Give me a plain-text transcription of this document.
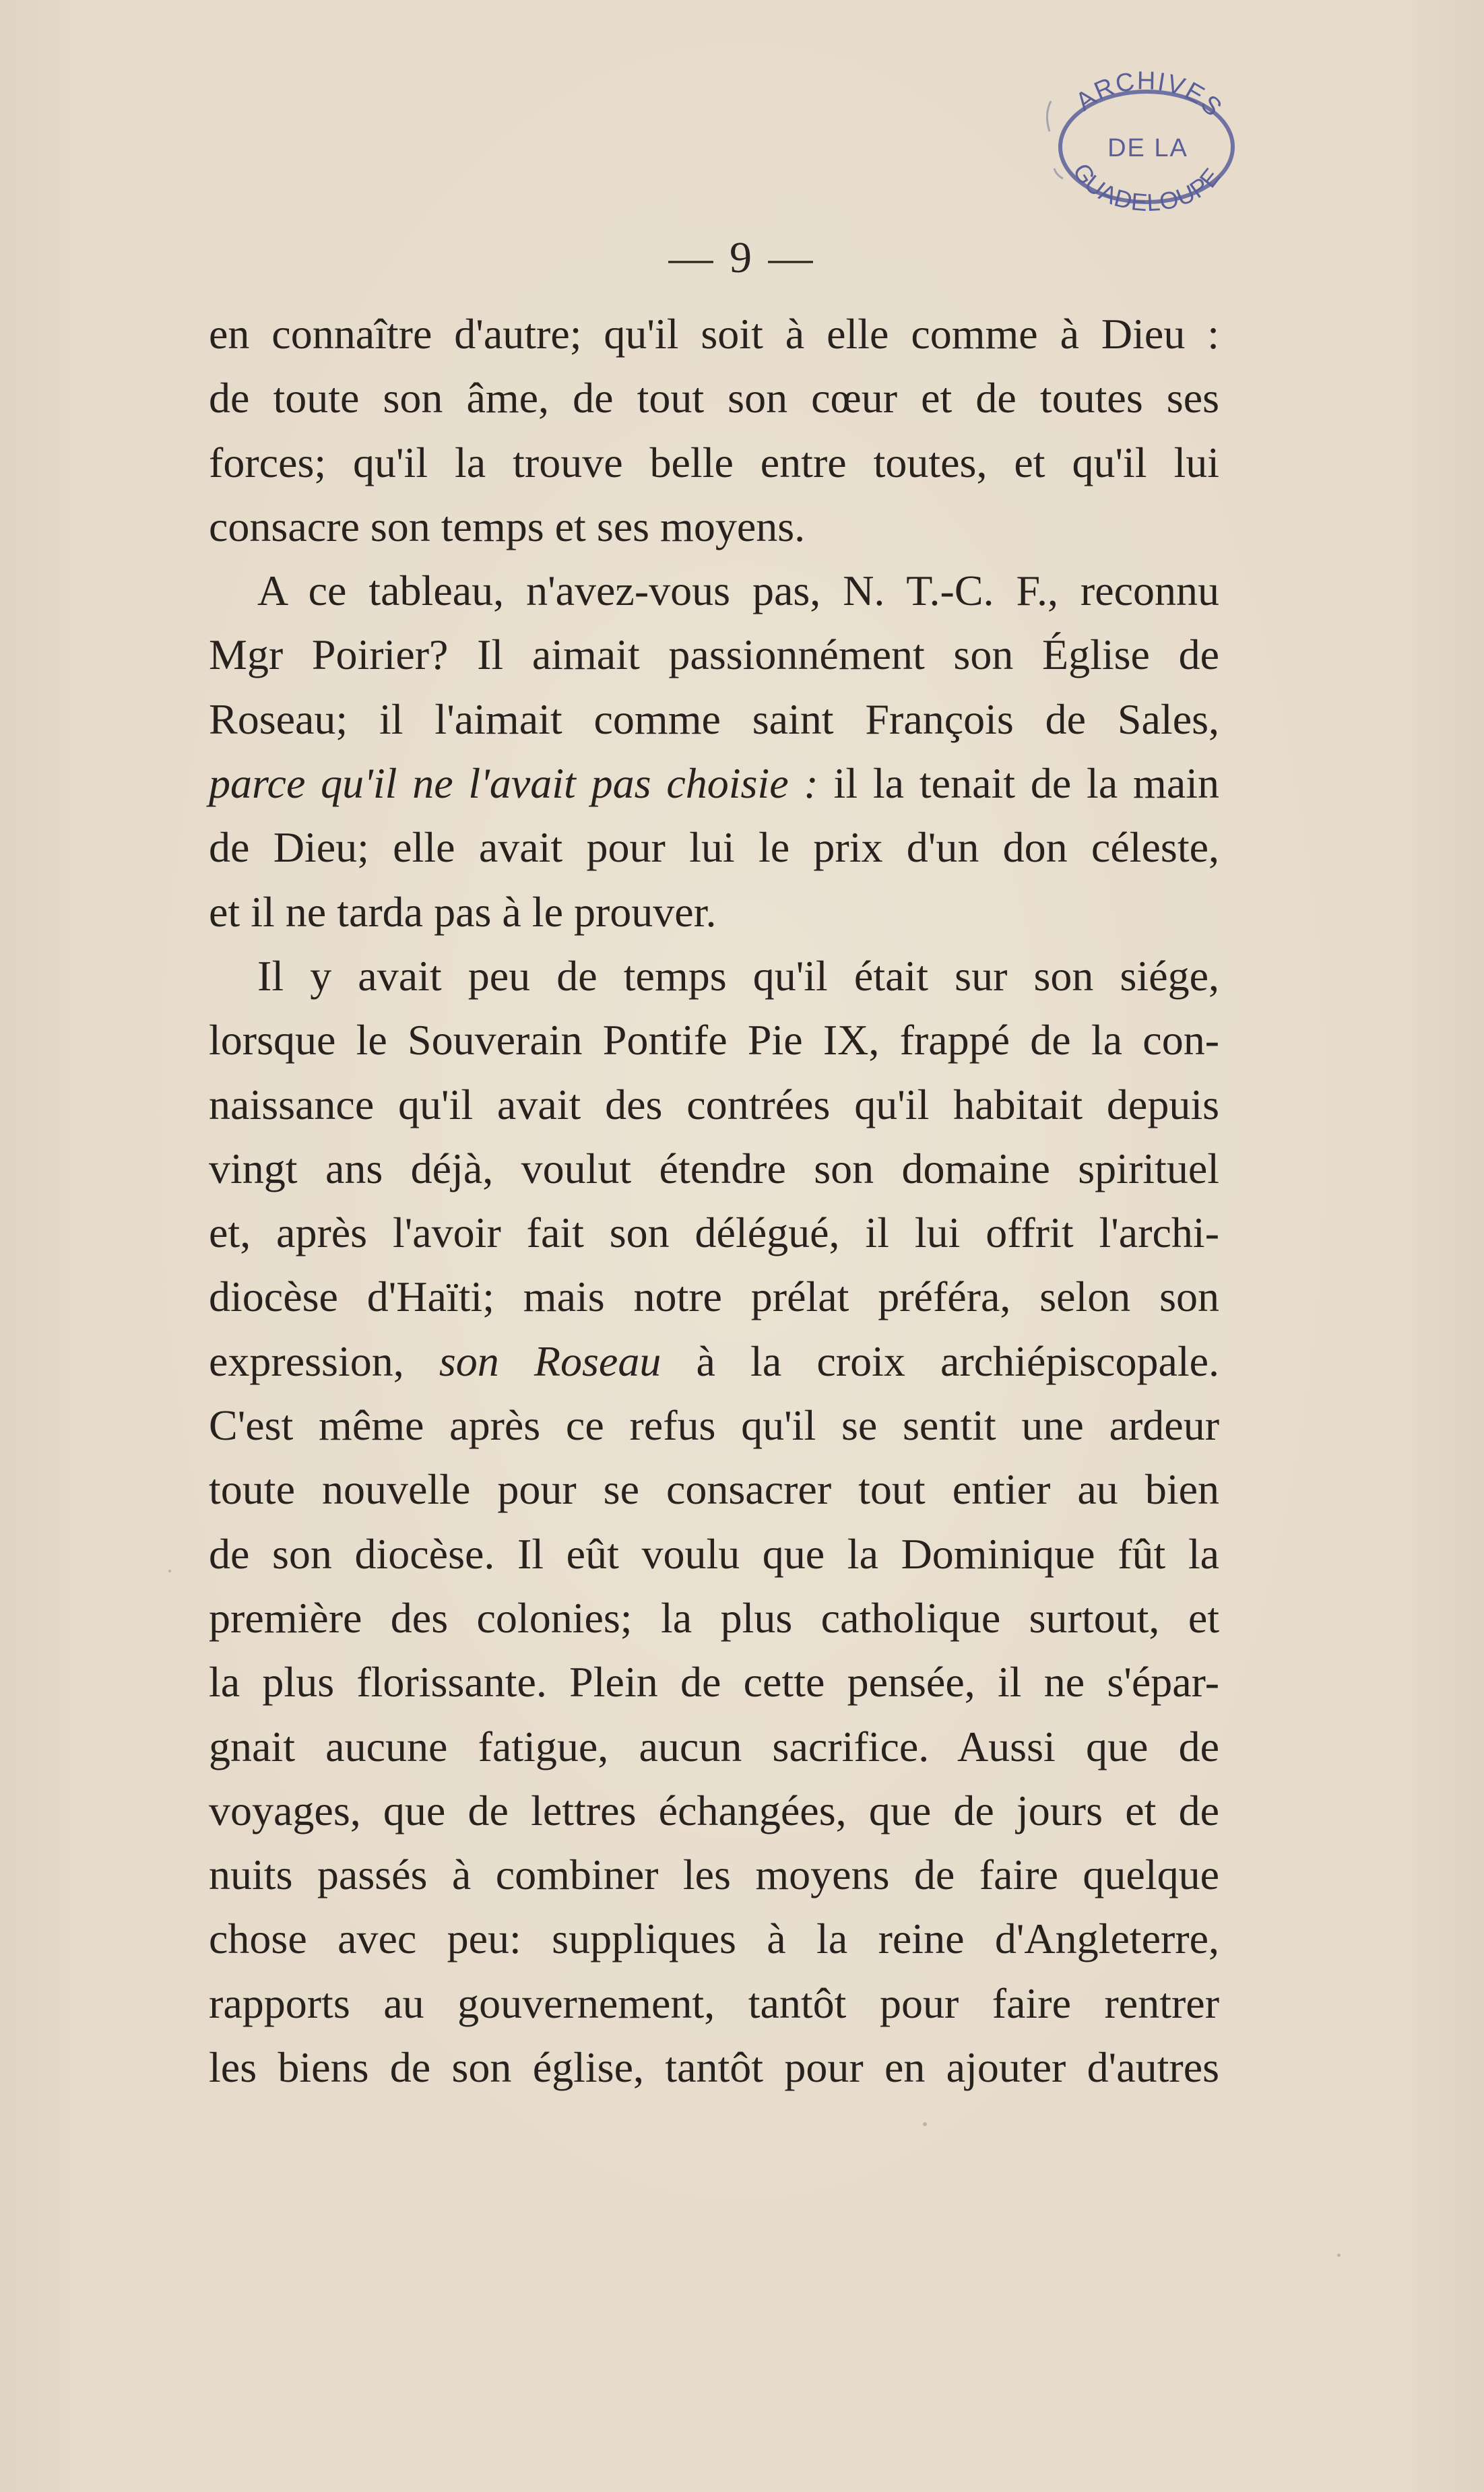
ARCHIVES
DE LA
GUADELOUPE
— 9 —
en connaître d'autre; qu'il soit à elle comme à Dieu :
de toute son âme, de tout son cœur et de toutes ses
forces; qu'il la trouve belle entre toutes, et qu'il lui
consacre son temps et ses moyens.
A ce tableau, n'avez-vous pas, N. T.-C. F., reconnu
Mgr Poirier? Il aimait passionnément son Église de
Roseau; il l'aimait comme saint François de Sales,
parce qu'il ne l'avait pas choisie : il la tenait de la main
de Dieu; elle avait pour lui le prix d'un don céleste,
et il ne tarda pas à le prouver.
Il y avait peu de temps qu'il était sur son siége,
lorsque le Souverain Pontife Pie IX, frappé de la con-
naissance qu'il avait des contrées qu'il habitait depuis
vingt ans déjà, voulut étendre son domaine spirituel
et, après l'avoir fait son délégué, il lui offrit l'archi-
diocèse d'Haïti; mais notre prélat préféra, selon son
expression, son Roseau à la croix archiépiscopale.
C'est même après ce refus qu'il se sentit une ardeur
toute nouvelle pour se consacrer tout entier au bien
de son diocèse. Il eût voulu que la Dominique fût la
première des colonies; la plus catholique surtout, et
la plus florissante. Plein de cette pensée, il ne s'épar-
gnait aucune fatigue, aucun sacrifice. Aussi que de
voyages, que de lettres échangées, que de jours et de
nuits passés à combiner les moyens de faire quelque
chose avec peu: suppliques à la reine d'Angleterre,
rapports au gouvernement, tantôt pour faire rentrer
les biens de son église, tantôt pour en ajouter d'autres
